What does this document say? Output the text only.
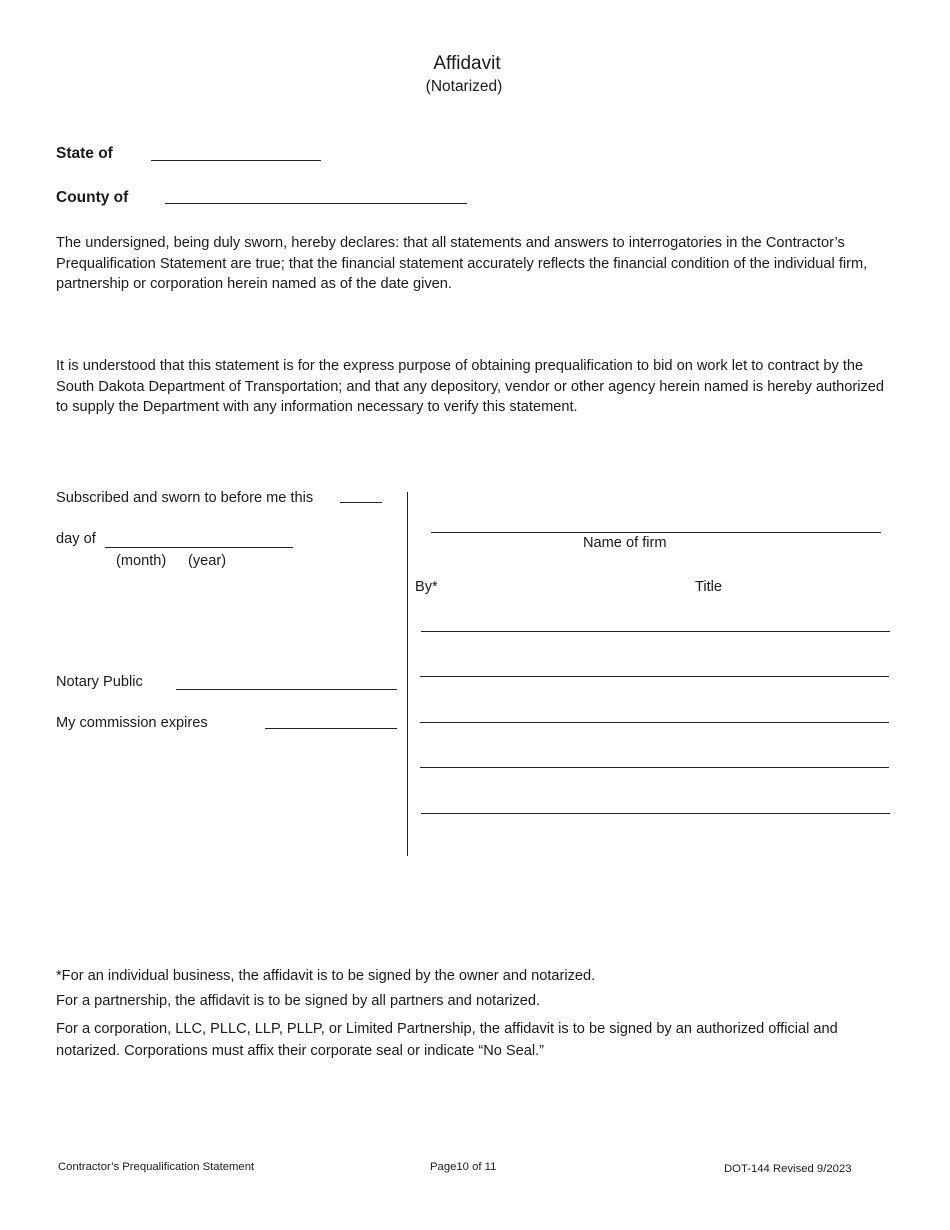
Affidavit
(Notarized)
State of
County of
The undersigned, being duly sworn, hereby declares: that all statements and answers to interrogatories in the Contractor’s Prequalification Statement are true; that the financial statement accurately reflects the financial condition of the individual firm, partnership or corporation herein named as of the date given.
It is understood that this statement is for the express purpose of obtaining prequalification to bid on work let to contract by the South Dakota Department of Transportation; and that any depository, vendor or other agency herein named is hereby authorized to supply the Department with any information necessary to verify this statement.
Subscribed and sworn to before me this
day of
(month) (year)
Notary Public
My commission expires
Name of firm
By*	Title
*For an individual business, the affidavit is to be signed by the owner and notarized.
For a partnership, the affidavit is to be signed by all partners and notarized.
For a corporation, LLC, PLLC, LLP, PLLP, or Limited Partnership, the affidavit is to be signed by an authorized official and notarized. Corporations must affix their corporate seal or indicate “No Seal.”
Contractor’s Prequalification Statement	Page10 of 11	DOT-144 Revised 9/2023
